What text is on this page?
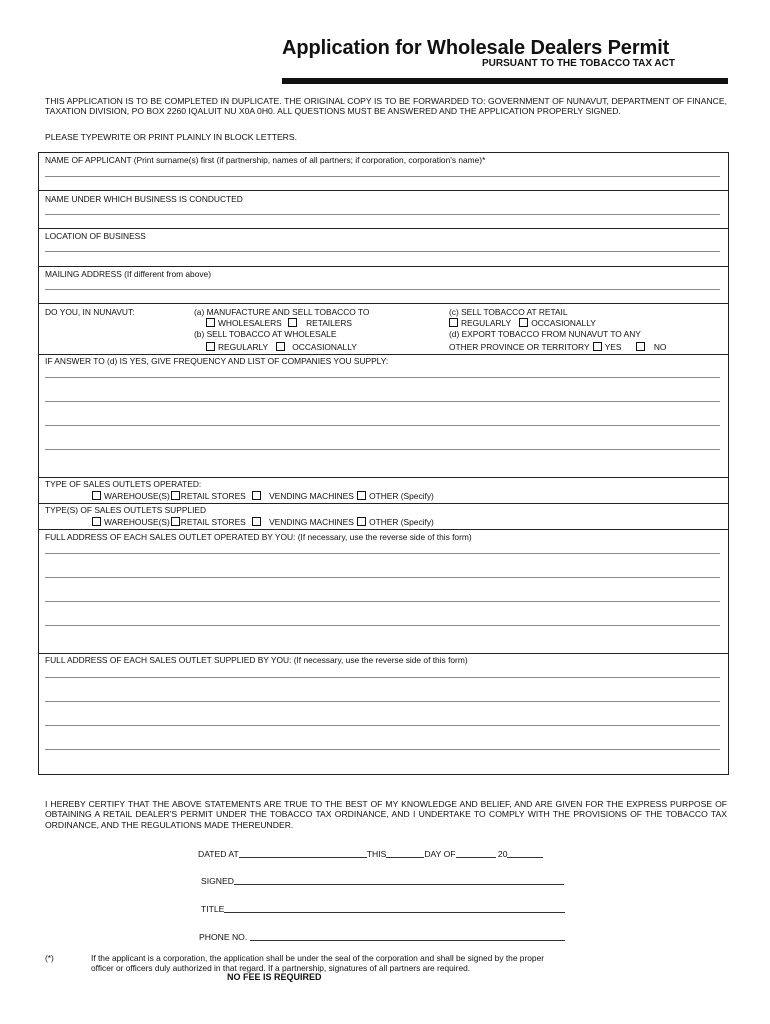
Application for Wholesale Dealers Permit
PURSUANT TO THE TOBACCO TAX ACT
THIS APPLICATION IS TO BE COMPLETED IN DUPLICATE. THE ORIGINAL COPY IS TO BE FORWARDED TO: GOVERNMENT OF NUNAVUT, DEPARTMENT OF FINANCE, TAXATION DIVISION, PO BOX 2260 IQALUIT NU X0A 0H0. ALL QUESTIONS MUST BE ANSWERED AND THE APPLICATION PROPERLY SIGNED.
PLEASE TYPEWRITE OR PRINT PLAINLY IN BLOCK LETTERS.
NAME OF APPLICANT (Print surname(s) first (if partnership, names of all partners; if corporation, corporation's name)*
NAME UNDER WHICH BUSINESS IS CONDUCTED
LOCATION OF BUSINESS
MAILING ADDRESS (If different from above)
DO YOU, IN NUNAVUT:	(a) MANUFACTURE AND SELL TOBACCO TO
WHOLESALERS	RETAILERS
(b) SELL TOBACCO AT WHOLESALE
REGULARLY	OCCASIONALLY
(c) SELL TOBACCO AT RETAIL
REGULARLY OCCASIONALLY
(d) EXPORT TOBACCO FROM NUNAVUT TO ANY
OTHER PROVINCE OR TERRITORY YES	NO
IF ANSWER TO (d) IS YES, GIVE FREQUENCY AND LIST OF COMPANIES YOU SUPPLY:
TYPE OF SALES OUTLETS OPERATED:
WAREHOUSE(S) RETAIL STORES	VENDING MACHINES OTHER (Specify)
TYPE(S) OF SALES OUTLETS SUPPLIED
WAREHOUSE(S) RETAIL STORES	VENDING MACHINES OTHER (Specify)
FULL ADDRESS OF EACH SALES OUTLET OPERATED BY YOU: (If necessary, use the reverse side of this form)
FULL ADDRESS OF EACH SALES OUTLET SUPPLIED BY YOU: (If necessary, use the reverse side of this form)
I HEREBY CERTIFY THAT THE ABOVE STATEMENTS ARE TRUE TO THE BEST OF MY KNOWLEDGE AND BELIEF, AND ARE GIVEN FOR THE EXPRESS PURPOSE OF OBTAINING A RETAIL DEALER'S PERMIT UNDER THE TOBACCO TAX ORDINANCE, AND I UNDERTAKE TO COMPLY WITH THE PROVISIONS OF THE TOBACCO TAX ORDINANCE, AND THE REGULATIONS MADE THEREUNDER.
DATED AT	THIS	DAY OF	20
SIGNED
TITLE
PHONE NO.
(*)	If the applicant is a corporation, the application shall be under the seal of the corporation and shall be signed by the proper
officer or officers duly authorized in that regard. If a partnership, signatures of all partners are required.
NO FEE IS REQUIRED
